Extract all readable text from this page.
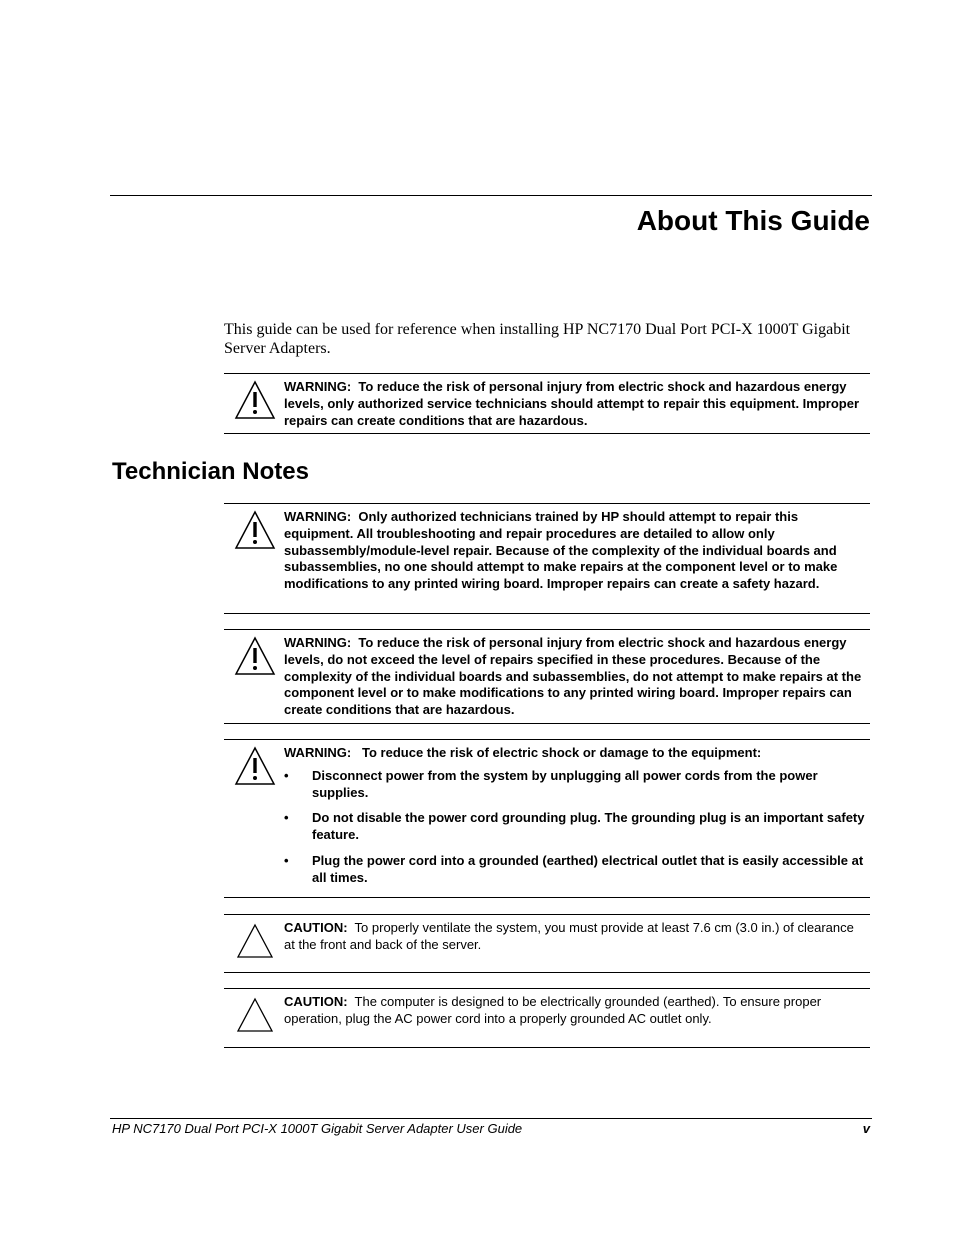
About This Guide

This guide can be used for reference when installing HP NC7170 Dual Port PCI-X 1000T Gigabit Server Adapters.

WARNING: To reduce the risk of personal injury from electric shock and hazardous energy levels, only authorized service technicians should attempt to repair this equipment. Improper repairs can create conditions that are hazardous.
Technician Notes
WARNING: Only authorized technicians trained by HP should attempt to repair this equipment. All troubleshooting and repair procedures are detailed to allow only subassembly/module-level repair. Because of the complexity of the individual boards and subassemblies, no one should attempt to make repairs at the component level or to make modifications to any printed wiring board. Improper repairs can create a safety hazard.
WARNING: To reduce the risk of personal injury from electric shock and hazardous energy levels, do not exceed the level of repairs specified in these procedures. Because of the complexity of the individual boards and subassemblies, do not attempt to make repairs at the component level or to make modifications to any printed wiring board. Improper repairs can create conditions that are hazardous.
WARNING: To reduce the risk of electric shock or damage to the equipment:
• Disconnect power from the system by unplugging all power cords from the power supplies.
• Do not disable the power cord grounding plug. The grounding plug is an important safety feature.
• Plug the power cord into a grounded (earthed) electrical outlet that is easily accessible at all times.
CAUTION: To properly ventilate the system, you must provide at least 7.6 cm (3.0 in.) of clearance at the front and back of the server.
CAUTION: The computer is designed to be electrically grounded (earthed). To ensure proper operation, plug the AC power cord into a properly grounded AC outlet only.
HP NC7170 Dual Port PCI-X 1000T Gigabit Server Adapter User Guide	v
